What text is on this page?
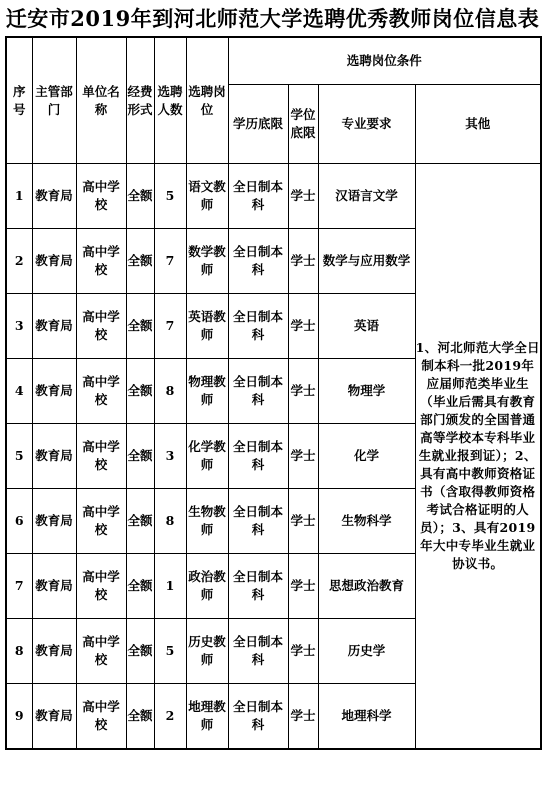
迁安市2019年到河北师范大学选聘优秀教师岗位信息表
序号	主管部门	单位名称	经费形式	选聘人数	选聘岗位	选聘岗位条件			
						学历底限	学位底限	专业要求	其他
1	教育局	高中学校	全额	5	语文教师	全日制本科	学士	汉语言文学	1、河北师范大学全日制本科一批2019年应届师范类毕业生（毕业后需具有教育部门颁发的全国普通高等学校本专科毕业生就业报到证）；2、具有高中教师资格证书（含取得教师资格考试合格证明的人员）；3、具有2019年大中专毕业生就业协议书。
2	教育局	高中学校	全额	7	数学教师	全日制本科	学士	数学与应用数学	
3	教育局	高中学校	全额	7	英语教师	全日制本科	学士	英语	
4	教育局	高中学校	全额	8	物理教师	全日制本科	学士	物理学	
5	教育局	高中学校	全额	3	化学教师	全日制本科	学士	化学	
6	教育局	高中学校	全额	8	生物教师	全日制本科	学士	生物科学	
7	教育局	高中学校	全额	1	政治教师	全日制本科	学士	思想政治教育	
8	教育局	高中学校	全额	5	历史教师	全日制本科	学士	历史学	
9	教育局	高中学校	全额	2	地理教师	全日制本科	学士	地理科学	
